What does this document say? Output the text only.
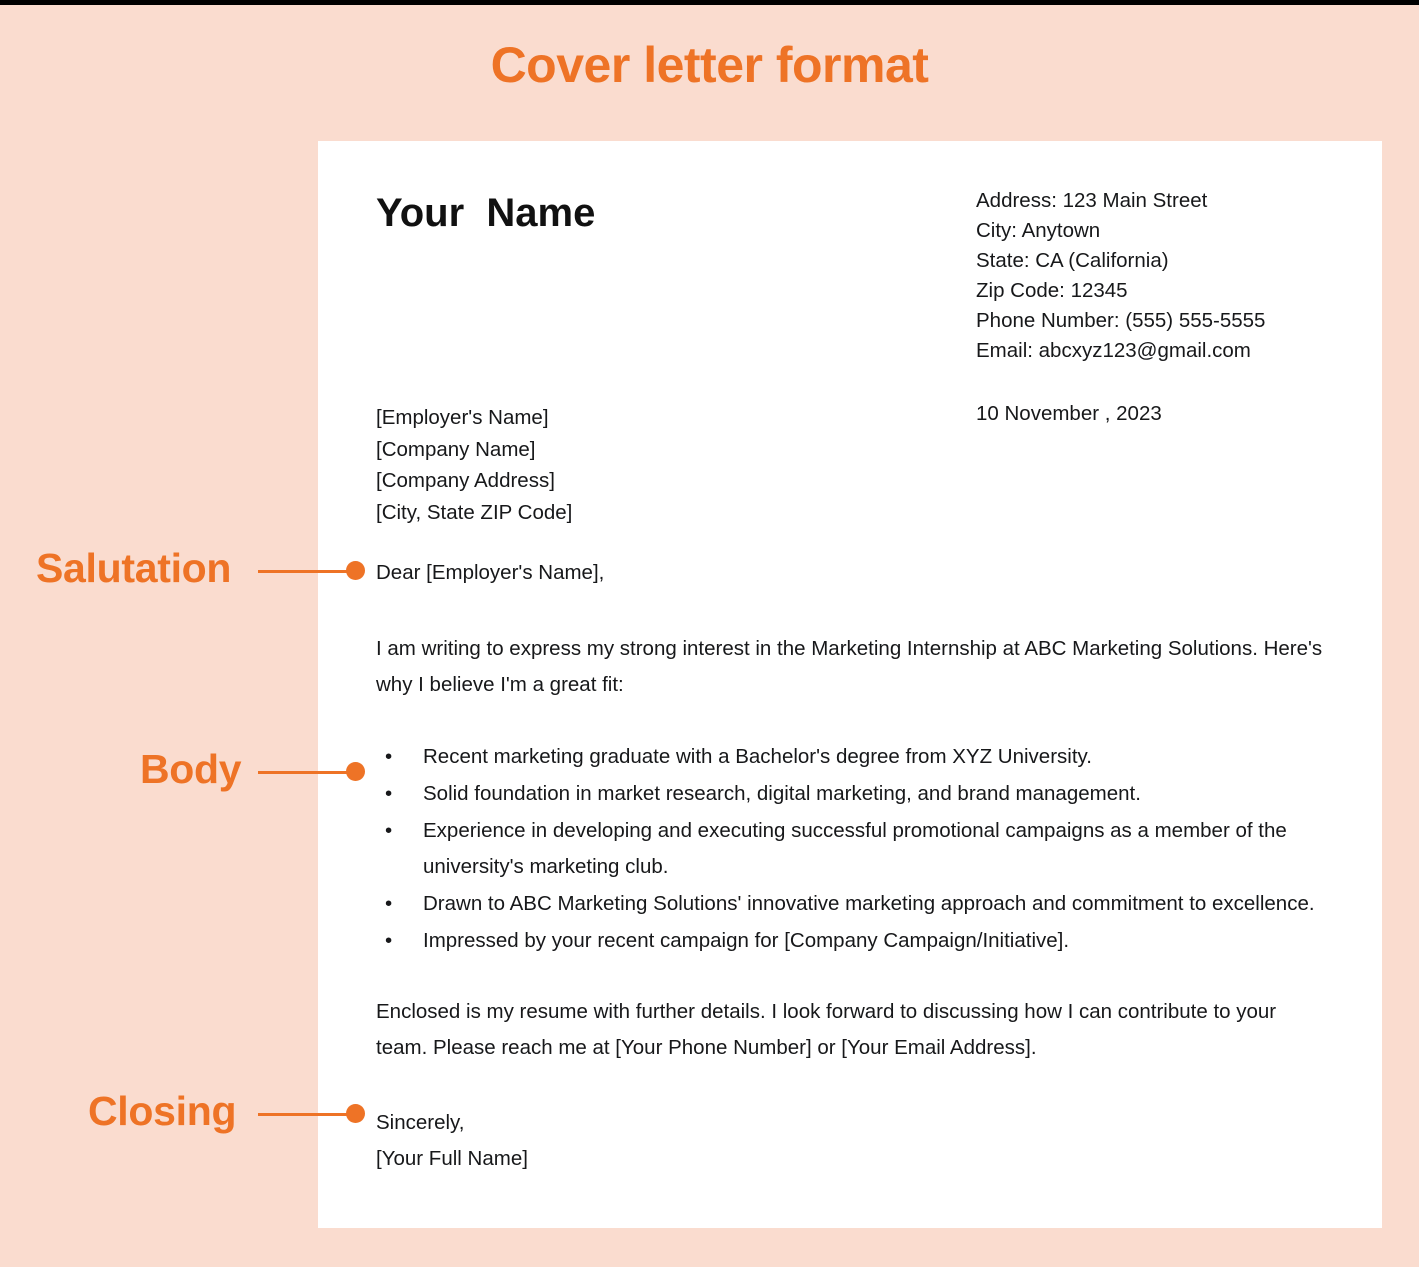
Cover letter format
Your  Name	Address: 123 Main Street
City: Anytown
State: CA (California)
Zip Code: 12345
Phone Number: (555) 555-5555
Email: abcxyz123@gmail.com
[Employer's Name]
[Company Name]
[Company Address]
[City, State ZIP Code]
10 November , 2023
Dear [Employer's Name],
I am writing to express my strong interest in the Marketing Internship at ABC Marketing Solutions. Here's why I believe I'm a great fit:
• Recent marketing graduate with a Bachelor's degree from XYZ University.
• Solid foundation in market research, digital marketing, and brand management.
• Experience in developing and executing successful promotional campaigns as a member of the university's marketing club.
• Drawn to ABC Marketing Solutions' innovative marketing approach and commitment to excellence.
• Impressed by your recent campaign for [Company Campaign/Initiative].
Enclosed is my resume with further details. I look forward to discussing how I can contribute to your team. Please reach me at [Your Phone Number] or [Your Email Address].
Sincerely,
[Your Full Name]
Salutation
Body
Closing
